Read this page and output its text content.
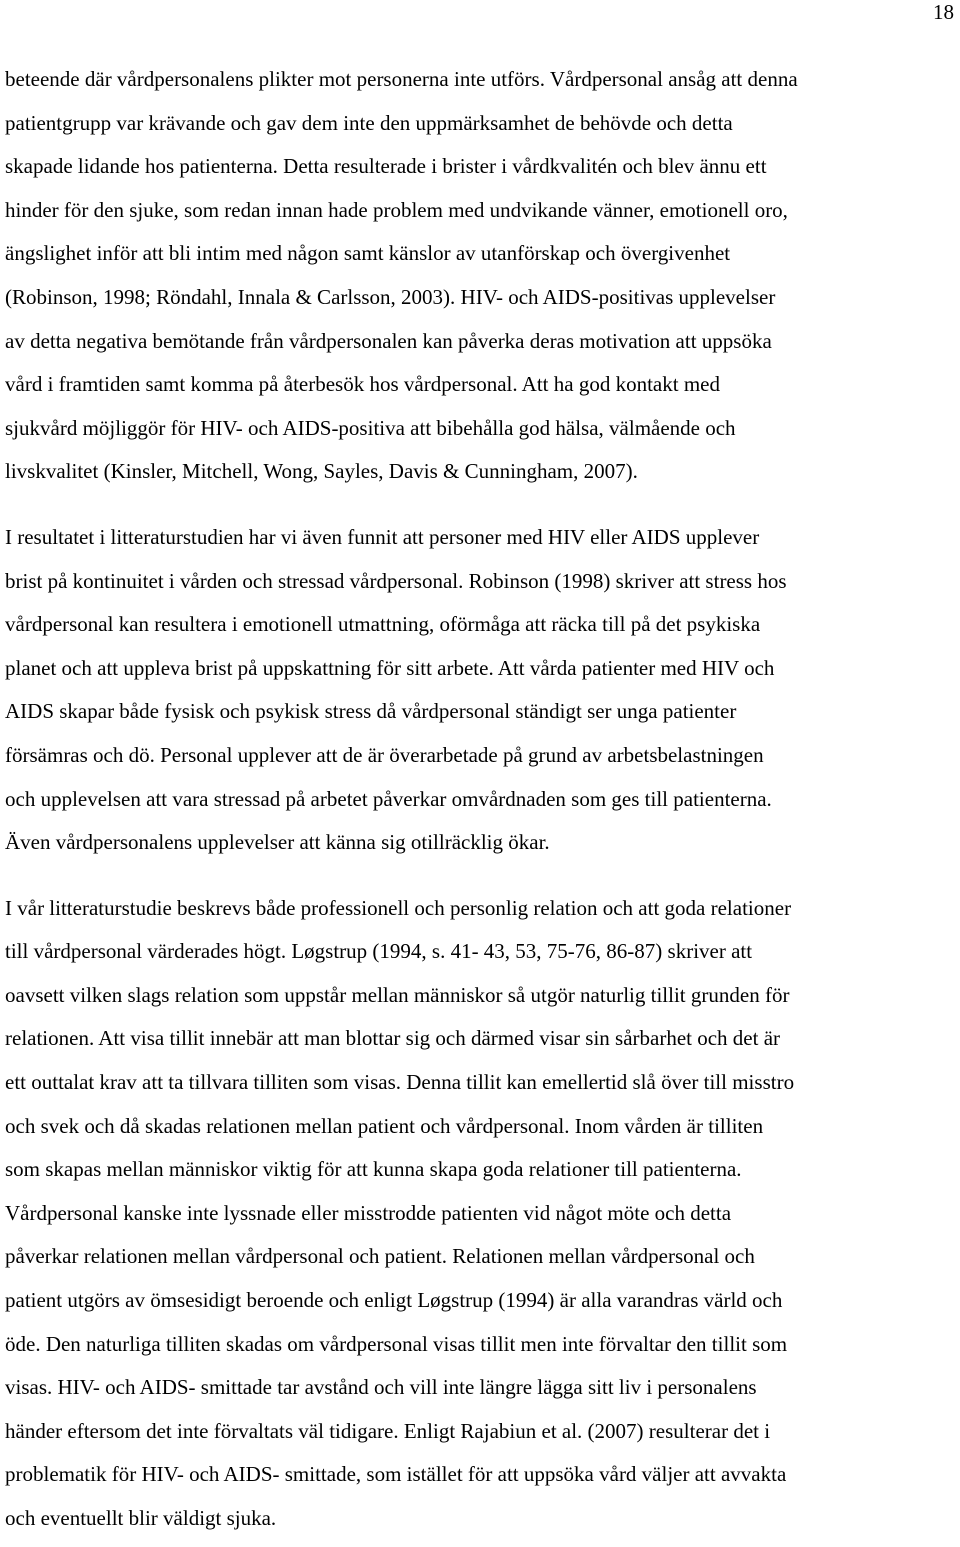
18

beteende där vårdpersonalens plikter mot personerna inte utförs. Vårdpersonal ansåg att denna
patientgrupp var krävande och gav dem inte den uppmärksamhet de behövde och detta
skapade lidande hos patienterna. Detta resulterade i brister i vårdkvalitén och blev ännu ett
hinder för den sjuke, som redan innan hade problem med undvikande vänner, emotionell oro,
ängslighet inför att bli intim med någon samt känslor av utanförskap och övergivenhet
(Robinson, 1998; Röndahl, Innala & Carlsson, 2003). HIV- och AIDS-positivas upplevelser
av detta negativa bemötande från vårdpersonalen kan påverka deras motivation att uppsöka
vård i framtiden samt komma på återbesök hos vårdpersonal. Att ha god kontakt med
sjukvård möjliggör för HIV- och AIDS-positiva att bibehålla god hälsa, välmående och
livskvalitet (Kinsler, Mitchell, Wong, Sayles, Davis & Cunningham, 2007).

I resultatet i litteraturstudien har vi även funnit att personer med HIV eller AIDS upplever
brist på kontinuitet i vården och stressad vårdpersonal. Robinson (1998) skriver att stress hos
vårdpersonal kan resultera i emotionell utmattning, oförmåga att räcka till på det psykiska
planet och att uppleva brist på uppskattning för sitt arbete. Att vårda patienter med HIV och
AIDS skapar både fysisk och psykisk stress då vårdpersonal ständigt ser unga patienter
försämras och dö. Personal upplever att de är överarbetade på grund av arbetsbelastningen
och upplevelsen att vara stressad på arbetet påverkar omvårdnaden som ges till patienterna.
Även vårdpersonalens upplevelser att känna sig otillräcklig ökar.

I vår litteraturstudie beskrevs både professionell och personlig relation och att goda relationer
till vårdpersonal värderades högt. Løgstrup (1994, s. 41- 43, 53, 75-76, 86-87) skriver att
oavsett vilken slags relation som uppstår mellan människor så utgör naturlig tillit grunden för
relationen. Att visa tillit innebär att man blottar sig och därmed visar sin sårbarhet och det är
ett outtalat krav att ta tillvara tilliten som visas. Denna tillit kan emellertid slå över till misstro
och svek och då skadas relationen mellan patient och vårdpersonal. Inom vården är tilliten
som skapas mellan människor viktig för att kunna skapa goda relationer till patienterna.
Vårdpersonal kanske inte lyssnade eller misstrodde patienten vid något möte och detta
påverkar relationen mellan vårdpersonal och patient. Relationen mellan vårdpersonal och
patient utgörs av ömsesidigt beroende och enligt Løgstrup (1994) är alla varandras värld och
öde. Den naturliga tilliten skadas om vårdpersonal visas tillit men inte förvaltar den tillit som
visas. HIV- och AIDS- smittade tar avstånd och vill inte längre lägga sitt liv i personalens
händer eftersom det inte förvaltats väl tidigare. Enligt Rajabiun et al. (2007) resulterar det i
problematik för HIV- och AIDS- smittade, som istället för att uppsöka vård väljer att avvakta
och eventuellt blir väldigt sjuka.
